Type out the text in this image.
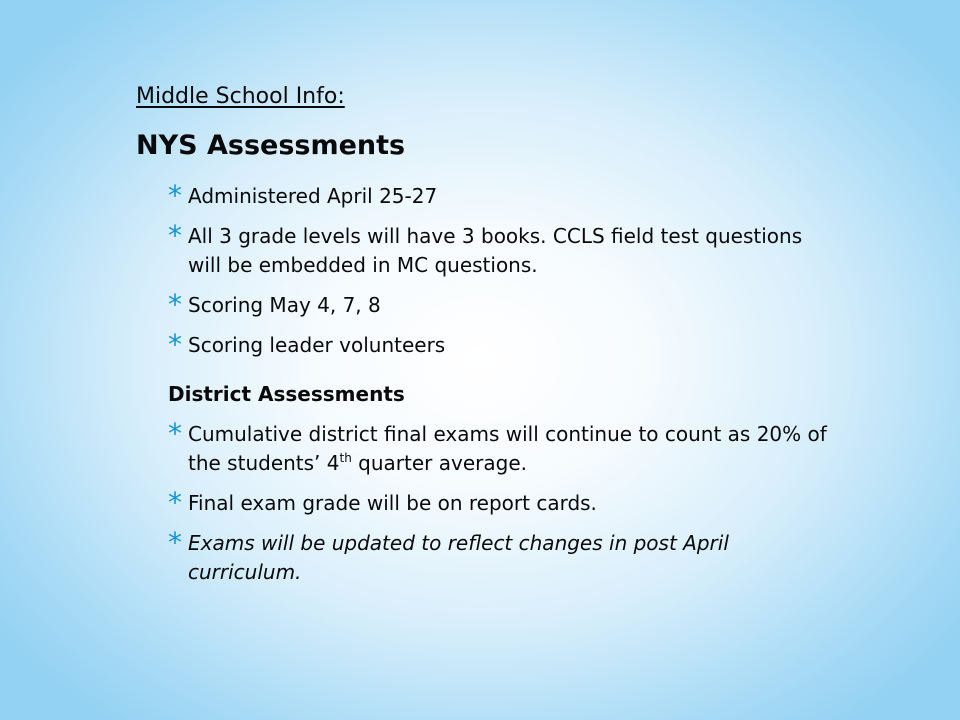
Middle School Info:
NYS Assessments
* Administered April 25-27
* All 3 grade levels will have 3 books. CCLS field test questions will be embedded in MC questions.
* Scoring May 4, 7, 8
* Scoring leader volunteers
District Assessments
* Cumulative district final exams will continue to count as 20% of the students’ 4th quarter average.
* Final exam grade will be on report cards.
* Exams will be updated to reflect changes in post April curriculum.
